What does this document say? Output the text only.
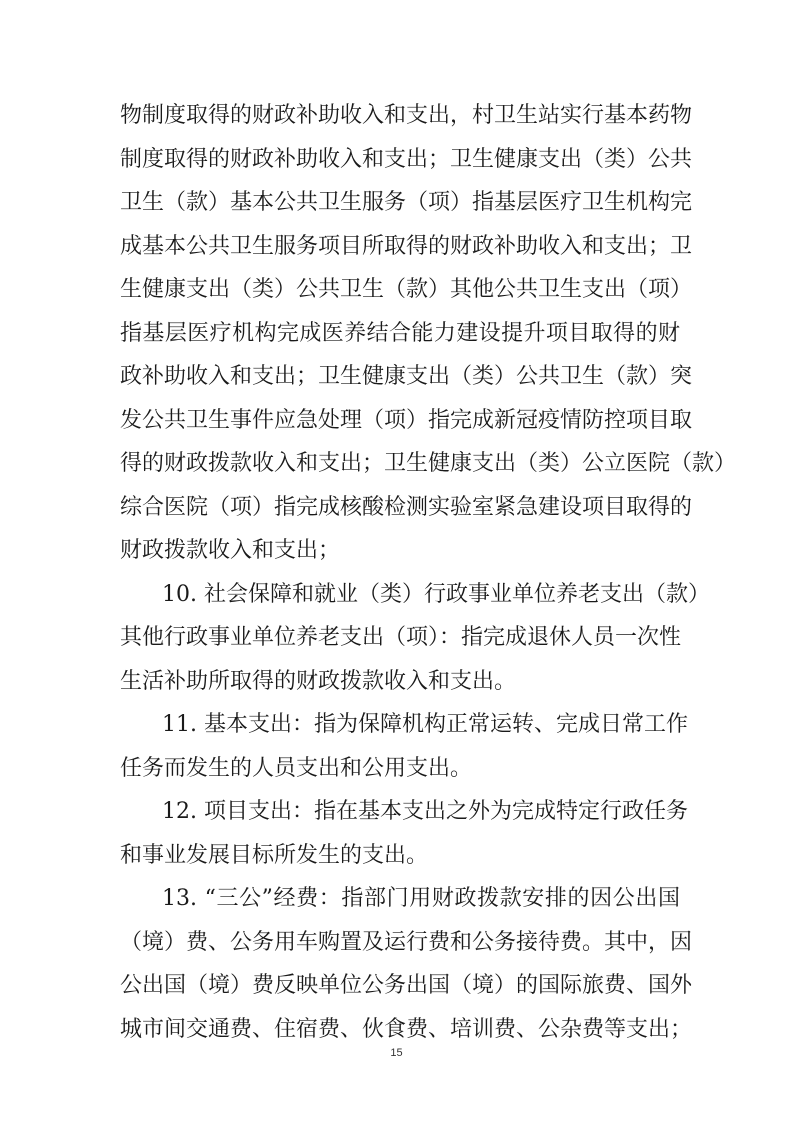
物制度取得的财政补助收入和支出，村卫生站实行基本药物
制度取得的财政补助收入和支出；卫生健康支出（类）公共
卫生（款）基本公共卫生服务（项）指基层医疗卫生机构完
成基本公共卫生服务项目所取得的财政补助收入和支出；卫
生健康支出（类）公共卫生（款）其他公共卫生支出（项）
指基层医疗机构完成医养结合能力建设提升项目取得的财
政补助收入和支出；卫生健康支出（类）公共卫生（款）突
发公共卫生事件应急处理（项）指完成新冠疫情防控项目取
得的财政拨款收入和支出；卫生健康支出（类）公立医院（款）
综合医院（项）指完成核酸检测实验室紧急建设项目取得的
财政拨款收入和支出；
10. 社会保障和就业（类）行政事业单位养老支出（款）
其他行政事业单位养老支出（项）：指完成退休人员一次性
生活补助所取得的财政拨款收入和支出。
11. 基本支出：指为保障机构正常运转、完成日常工作
任务而发生的人员支出和公用支出。
12. 项目支出：指在基本支出之外为完成特定行政任务
和事业发展目标所发生的支出。
13. “三公”经费：指部门用财政拨款安排的因公出国
（境）费、公务用车购置及运行费和公务接待费。其中，因
公出国（境）费反映单位公务出国（境）的国际旅费、国外
城市间交通费、住宿费、伙食费、培训费、公杂费等支出；
15
